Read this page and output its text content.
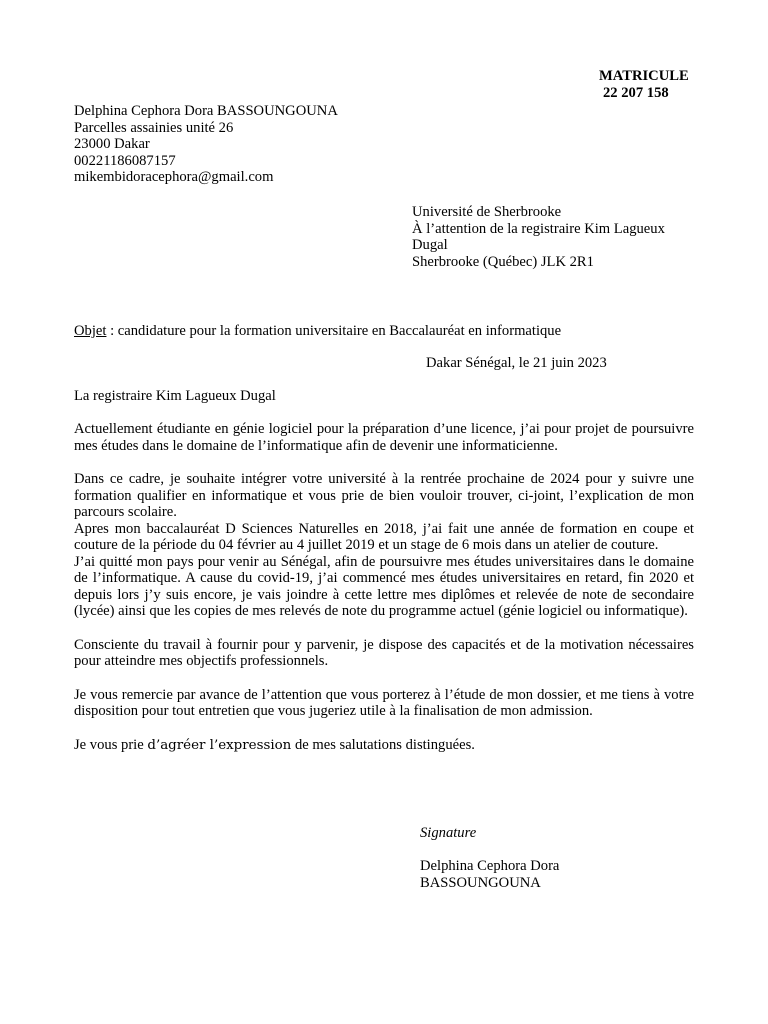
MATRICULE
22 207 158
Delphina Cephora Dora BASSOUNGOUNA
Parcelles assainies unité 26
23000 Dakar
00221186087157
mikembidoracephora@gmail.com
Université de Sherbrooke
À l’attention de la registraire Kim Lagueux Dugal
Sherbrooke (Québec) JLK 2R1
Objet : candidature pour la formation universitaire en Baccalauréat en informatique
Dakar Sénégal, le 21 juin 2023
La registraire Kim Lagueux Dugal

Actuellement étudiante en génie logiciel pour la préparation d’une licence, j’ai pour projet de poursuivre mes études dans le domaine de l’informatique afin de devenir une informaticienne.

Dans ce cadre, je souhaite intégrer votre université à la rentrée prochaine de 2024 pour y suivre une formation qualifier en informatique et vous prie de bien vouloir trouver, ci-joint, l’explication de mon parcours scolaire.

Apres mon baccalauréat D Sciences Naturelles en 2018, j’ai fait une année de formation en coupe et couture de la période du 04 février au 4 juillet 2019 et un stage de 6 mois dans un atelier de couture.

J’ai quitté mon pays pour venir au Sénégal, afin de poursuivre mes études universitaires dans le domaine de l’informatique. A cause du covid-19, j’ai commencé mes études universitaires en retard, fin 2020 et depuis lors j’y suis encore, je vais joindre à cette lettre mes diplômes et relevée de note de secondaire (lycée) ainsi que les copies de mes relevés de note du programme actuel (génie logiciel ou informatique).

Consciente du travail à fournir pour y parvenir, je dispose des capacités et de la motivation nécessaires pour atteindre mes objectifs professionnels.

Je vous remercie par avance de l’attention que vous porterez à l’étude de mon dossier, et me tiens à votre disposition pour tout entretien que vous jugeriez utile à la finalisation de mon admission.

Je vous prie d’agréer l’expression de mes salutations distinguées.

Signature
Delphina Cephora Dora
BASSOUNGOUNA
